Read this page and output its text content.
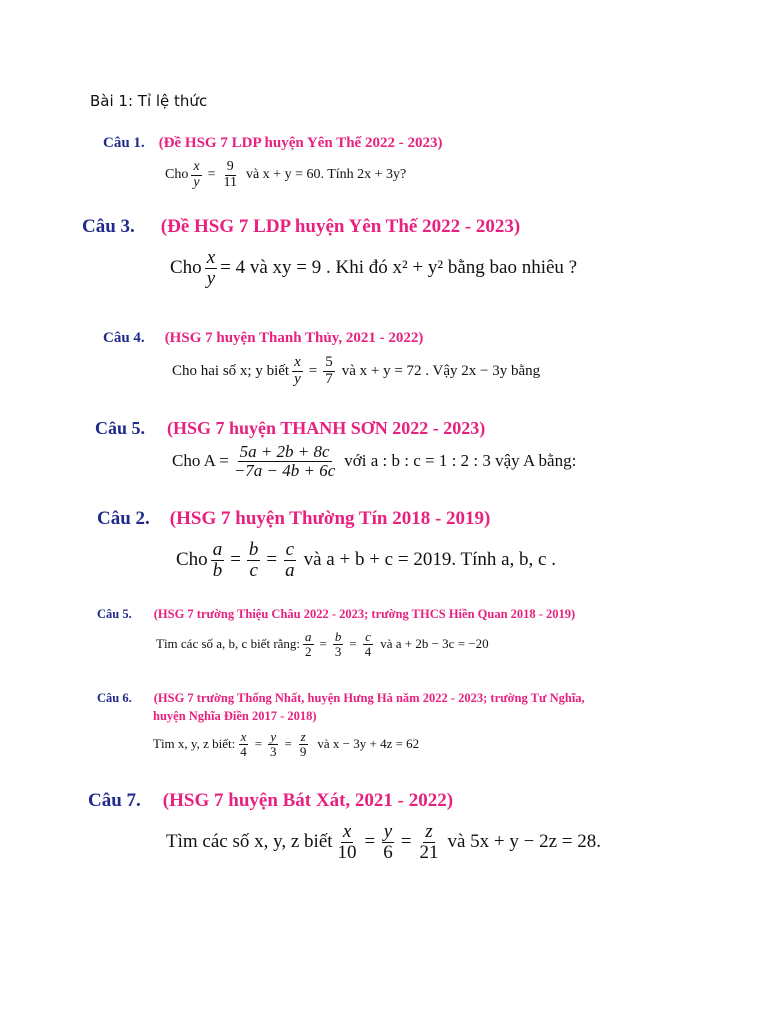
Bài 1: Tỉ lệ thức
Câu 1. (Đề HSG 7 LDP huyện Yên Thế 2022 - 2023)
Cho $\frac{x}{y} = \frac{9}{11}$ và x + y = 60. Tính 2x + 3y?
Câu 3. (Đề HSG 7 LDP huyện Yên Thế 2022 - 2023)
Cho $\frac{x}{y} = 4$ và xy = 9 . Khi đó x² + y² bằng bao nhiêu ?
Câu 4. (HSG 7 huyện Thanh Thủy, 2021 - 2022)
Cho hai số x; y biết $\frac{x}{y} = \frac{5}{7}$ và x + y = 72 . Vậy 2x − 3y bằng
Câu 5. (HSG 7 huyện THANH SƠN 2022 - 2023)
Cho $A = \frac{5a + 2b + 8c}{-7a - 4b + 6c}$ với a : b : c = 1 : 2 : 3 vậy A bằng:
Câu 2. (HSG 7 huyện Thường Tín 2018 - 2019)
Cho $\frac{a}{b} = \frac{b}{c} = \frac{c}{a}$ và a + b + c = 2019. Tính a, b, c .
Câu 5. (HSG 7 trường Thiệu Châu 2022 - 2023; trường THCS Hiền Quan 2018 - 2019)
Tìm các số a, b, c biết rằng: $\frac{a}{2} = \frac{b}{3} = \frac{c}{4}$ và a + 2b − 3c = −20
Câu 6. (HSG 7 trường Thống Nhất, huyện Hưng Hà năm 2022 - 2023; trường Tư Nghĩa,
huyện Nghĩa Điền 2017 - 2018)
Tìm x, y, z biết: $\frac{x}{4} = \frac{y}{3} = \frac{z}{9}$ và x − 3y + 4z = 62
Câu 7. (HSG 7 huyện Bát Xát, 2021 - 2022)
Tìm các số x, y, z biết $\frac{x}{10} = \frac{y}{6} = \frac{z}{21}$ và 5x + y − 2z = 28.
